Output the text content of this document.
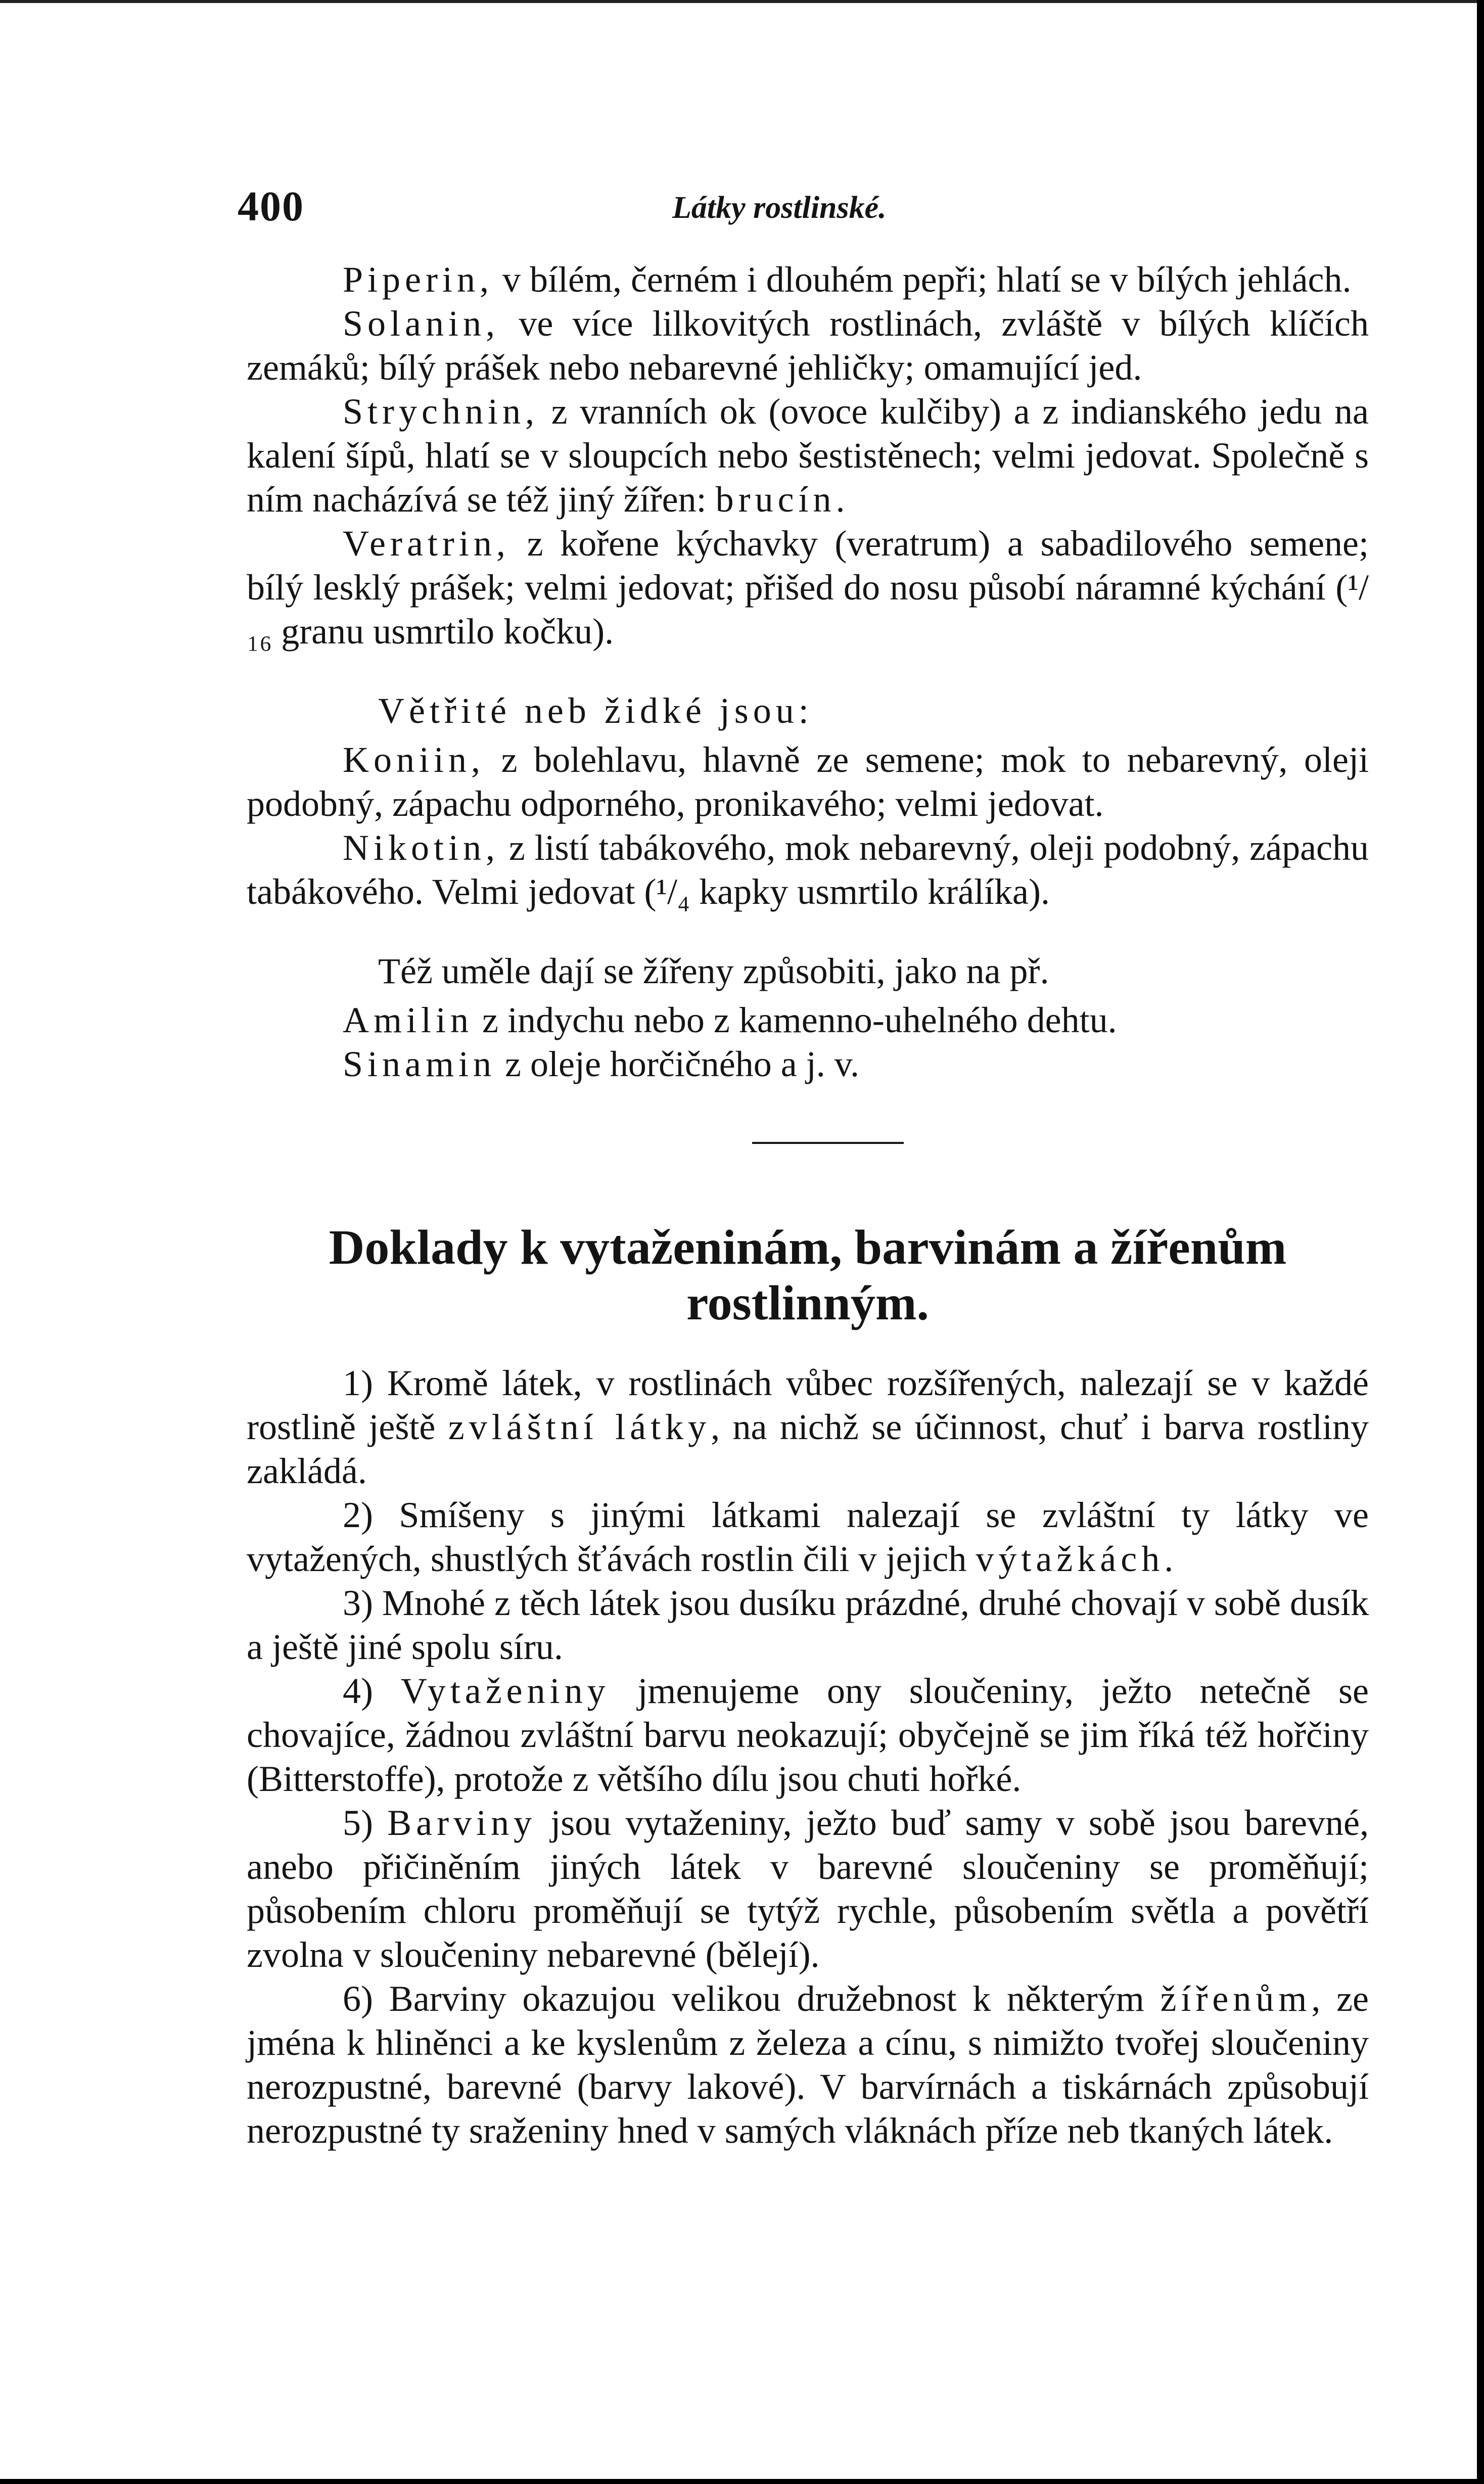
400	Látky rostlinské.

Piperin, v bílém, černém i dlouhém pepři; hlatí se v bílých jehlách.

Solanin, ve více lilkovitých rostlinách, zvláště v bílých klíčích zemáků; bílý prášek nebo nebarevné jehličky; omamující jed.

Strychnin, z vranních ok (ovoce kulčiby) a z indianského jedu na kalení šípů, hlatí se v sloupcích nebo šestistěnech; velmi jedovat. Společně s ním nacházívá se též jiný žířen: brucín.

Veratrin, z kořene kýchavky (veratrum) a sabadilového semene; bílý lesklý prášek; velmi jedovat; přišed do nosu působí náramné kýchání (¹/₁₆ granu usmrtilo kočku).

Větřité neb židké jsou:

Koniin, z bolehlavu, hlavně ze semene; mok to nebarevný, oleji podobný, zápachu odporného, pronikavého; velmi jedovat.

Nikotin, z listí tabákového, mok nebarevný, oleji podobný, zápachu tabákového. Velmi jedovat (¹/₄ kapky usmrtilo králíka).

Též uměle dají se žířeny způsobiti, jako na př.

Amilin z indychu nebo z kamenno-uhelného dehtu.

Sinamin z oleje horčičného a j. v.

Doklady k vytaženinám, barvinám a žířenům rostlinným.

1) Kromě látek, v rostlinách vůbec rozšířených, nalezají se v každé rostlině ještě zvláštní látky, na nichž se účinnost, chuť i barva rostliny zakládá.

2) Smíšeny s jinými látkami nalezají se zvláštní ty látky ve vytažených, shustlých šťávách rostlin čili v jejich výtažkách.

3) Mnohé z těch látek jsou dusíku prázdné, druhé chovají v sobě dusík a ještě jiné spolu síru.

4) Vytaženiny jmenujeme ony sloučeniny, ježto netečně se chovajíce, žádnou zvláštní barvu neokazují; obyčejně se jim říká též hořčiny (Bitterstoffe), protože z většího dílu jsou chuti hořké.

5) Barviny jsou vytaženiny, ježto buď samy v sobě jsou barevné, anebo přičiněním jiných látek v barevné sloučeniny se proměňují; působením chloru proměňují se tytýž rychle, působením světla a povětří zvolna v sloučeniny nebarevné (bělejí).

6) Barviny okazujou velikou družebnost k některým žířenům, ze jména k hliněnci a ke kyslenům z železa a cínu, s nimižto tvořej sloučeniny nerozpustné, barevné (barvy lakové). V barvírnách a tiskárnách způsobují nerozpustné ty sraženiny hned v samých vláknách příze neb tkaných látek.
